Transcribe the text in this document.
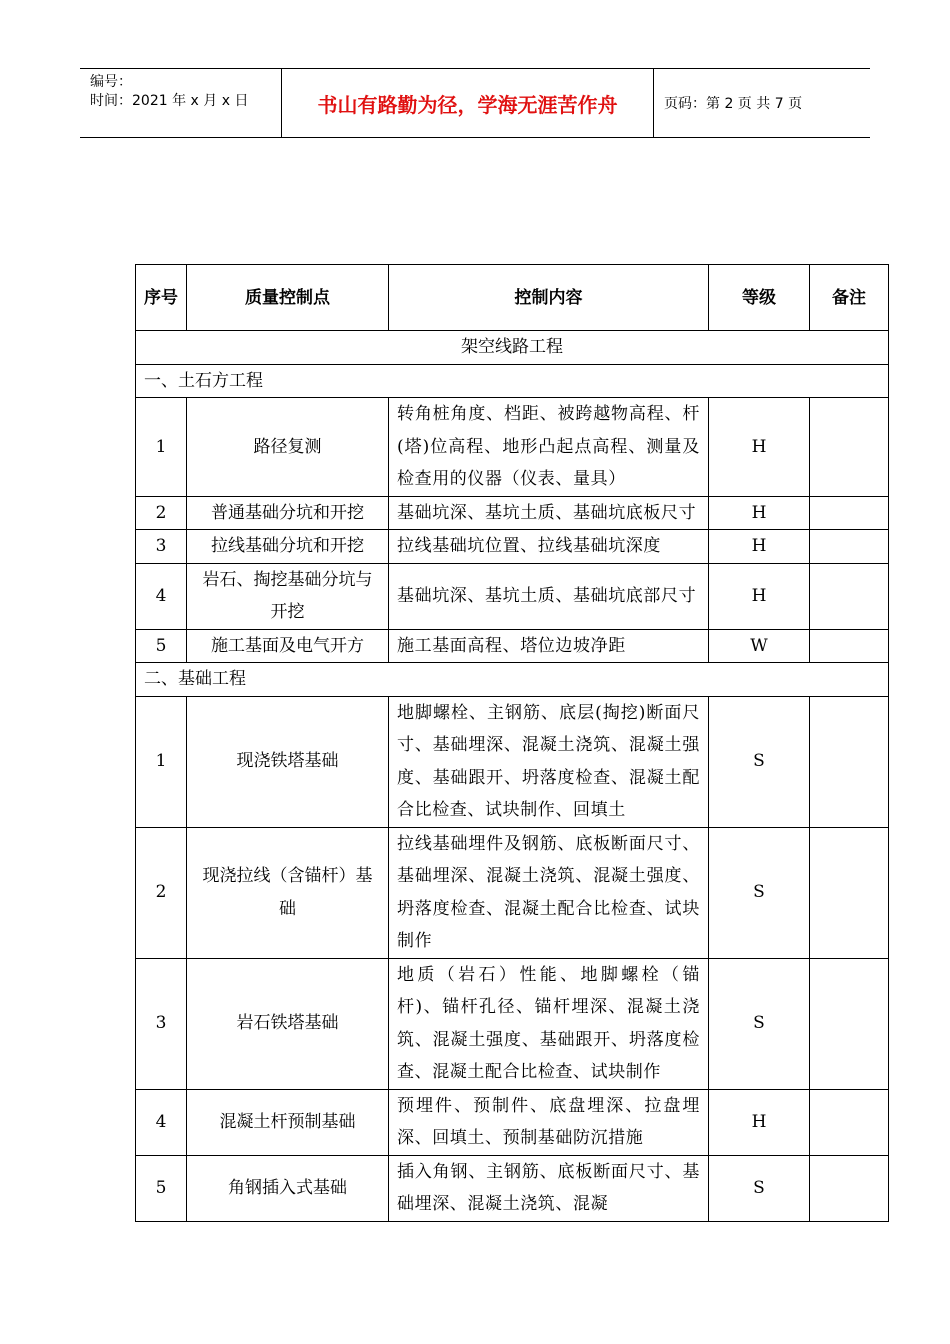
编号：
时间：2021 年 x 月 x 日	书山有路勤为径，学海无涯苦作舟	页码：第 2 页 共 7 页
序号	质量控制点	控制内容	等级	备注
架空线路工程				
一、土石方工程				
1	路径复测	转角桩角度、档距、被跨越物高程、杆(塔)位高程、地形凸起点高程、测量及检查用的仪器（仪表、量具）	H	
2	普通基础分坑和开挖	基础坑深、基坑土质、基础坑底板尺寸	H	
3	拉线基础分坑和开挖	拉线基础坑位置、拉线基础坑深度	H	
4	岩石、掏挖基础分坑与开挖	基础坑深、基坑土质、基础坑底部尺寸	H	
5	施工基面及电气开方	施工基面高程、塔位边坡净距	W	
二、基础工程				
1	现浇铁塔基础	地脚螺栓、主钢筋、底层(掏挖)断面尺寸、基础埋深、混凝土浇筑、混凝土强度、基础跟开、坍落度检查、混凝土配合比检查、试块制作、回填土	S	
2	现浇拉线（含锚杆）基础	拉线基础埋件及钢筋、底板断面尺寸、基础埋深、混凝土浇筑、混凝土强度、坍落度检查、混凝土配合比检查、试块制作	S	
3	岩石铁塔基础	地质（岩石）性能、地脚螺栓（锚杆)、锚杆孔径、锚杆埋深、混凝土浇筑、混凝土强度、基础跟开、坍落度检查、混凝土配合比检查、试块制作	S	
4	混凝土杆预制基础	预埋件、预制件、底盘埋深、拉盘埋深、回填土、预制基础防沉措施	H	
5	角钢插入式基础	插入角钢、主钢筋、底板断面尺寸、基础埋深、混凝土浇筑、混凝	S	
